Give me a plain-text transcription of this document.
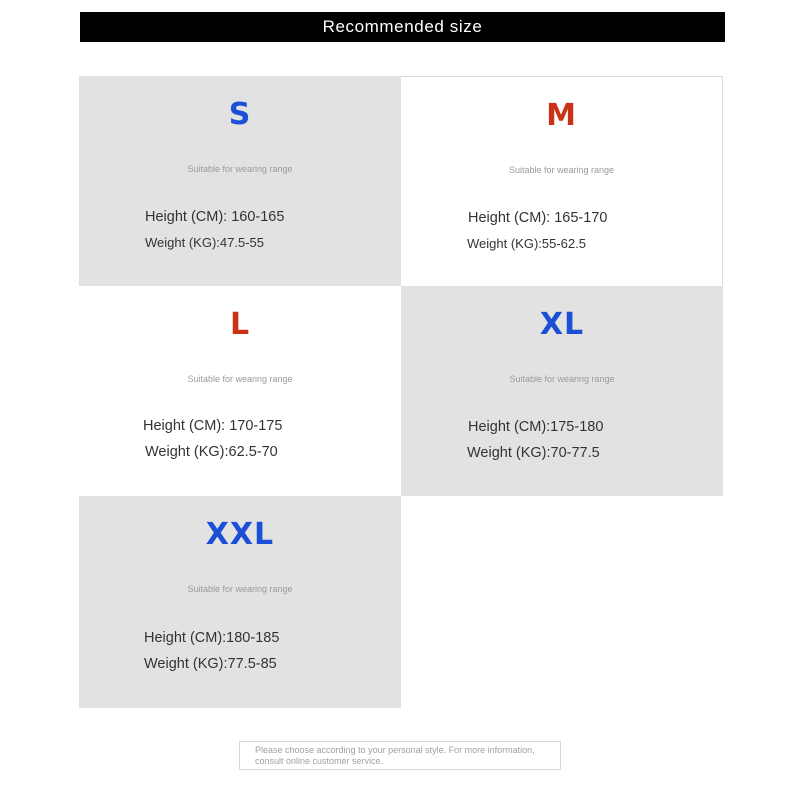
Recommended size
S
Suitable for wearing range
Height (CM): 160-165
Weight (KG):47.5-55
M
Suitable for wearing range
Height (CM): 165-170
Weight (KG):55-62.5
L
Suitable for wearing range
Height (CM): 170-175
Weight (KG):62.5-70
XL
Suitable for wearing range
Height (CM):175-180
Weight (KG):70-77.5
XXL
Suitable for wearing range
Height (CM):180-185
Weight (KG):77.5-85
Please choose according to your personal style. For more information, consult online customer service.
